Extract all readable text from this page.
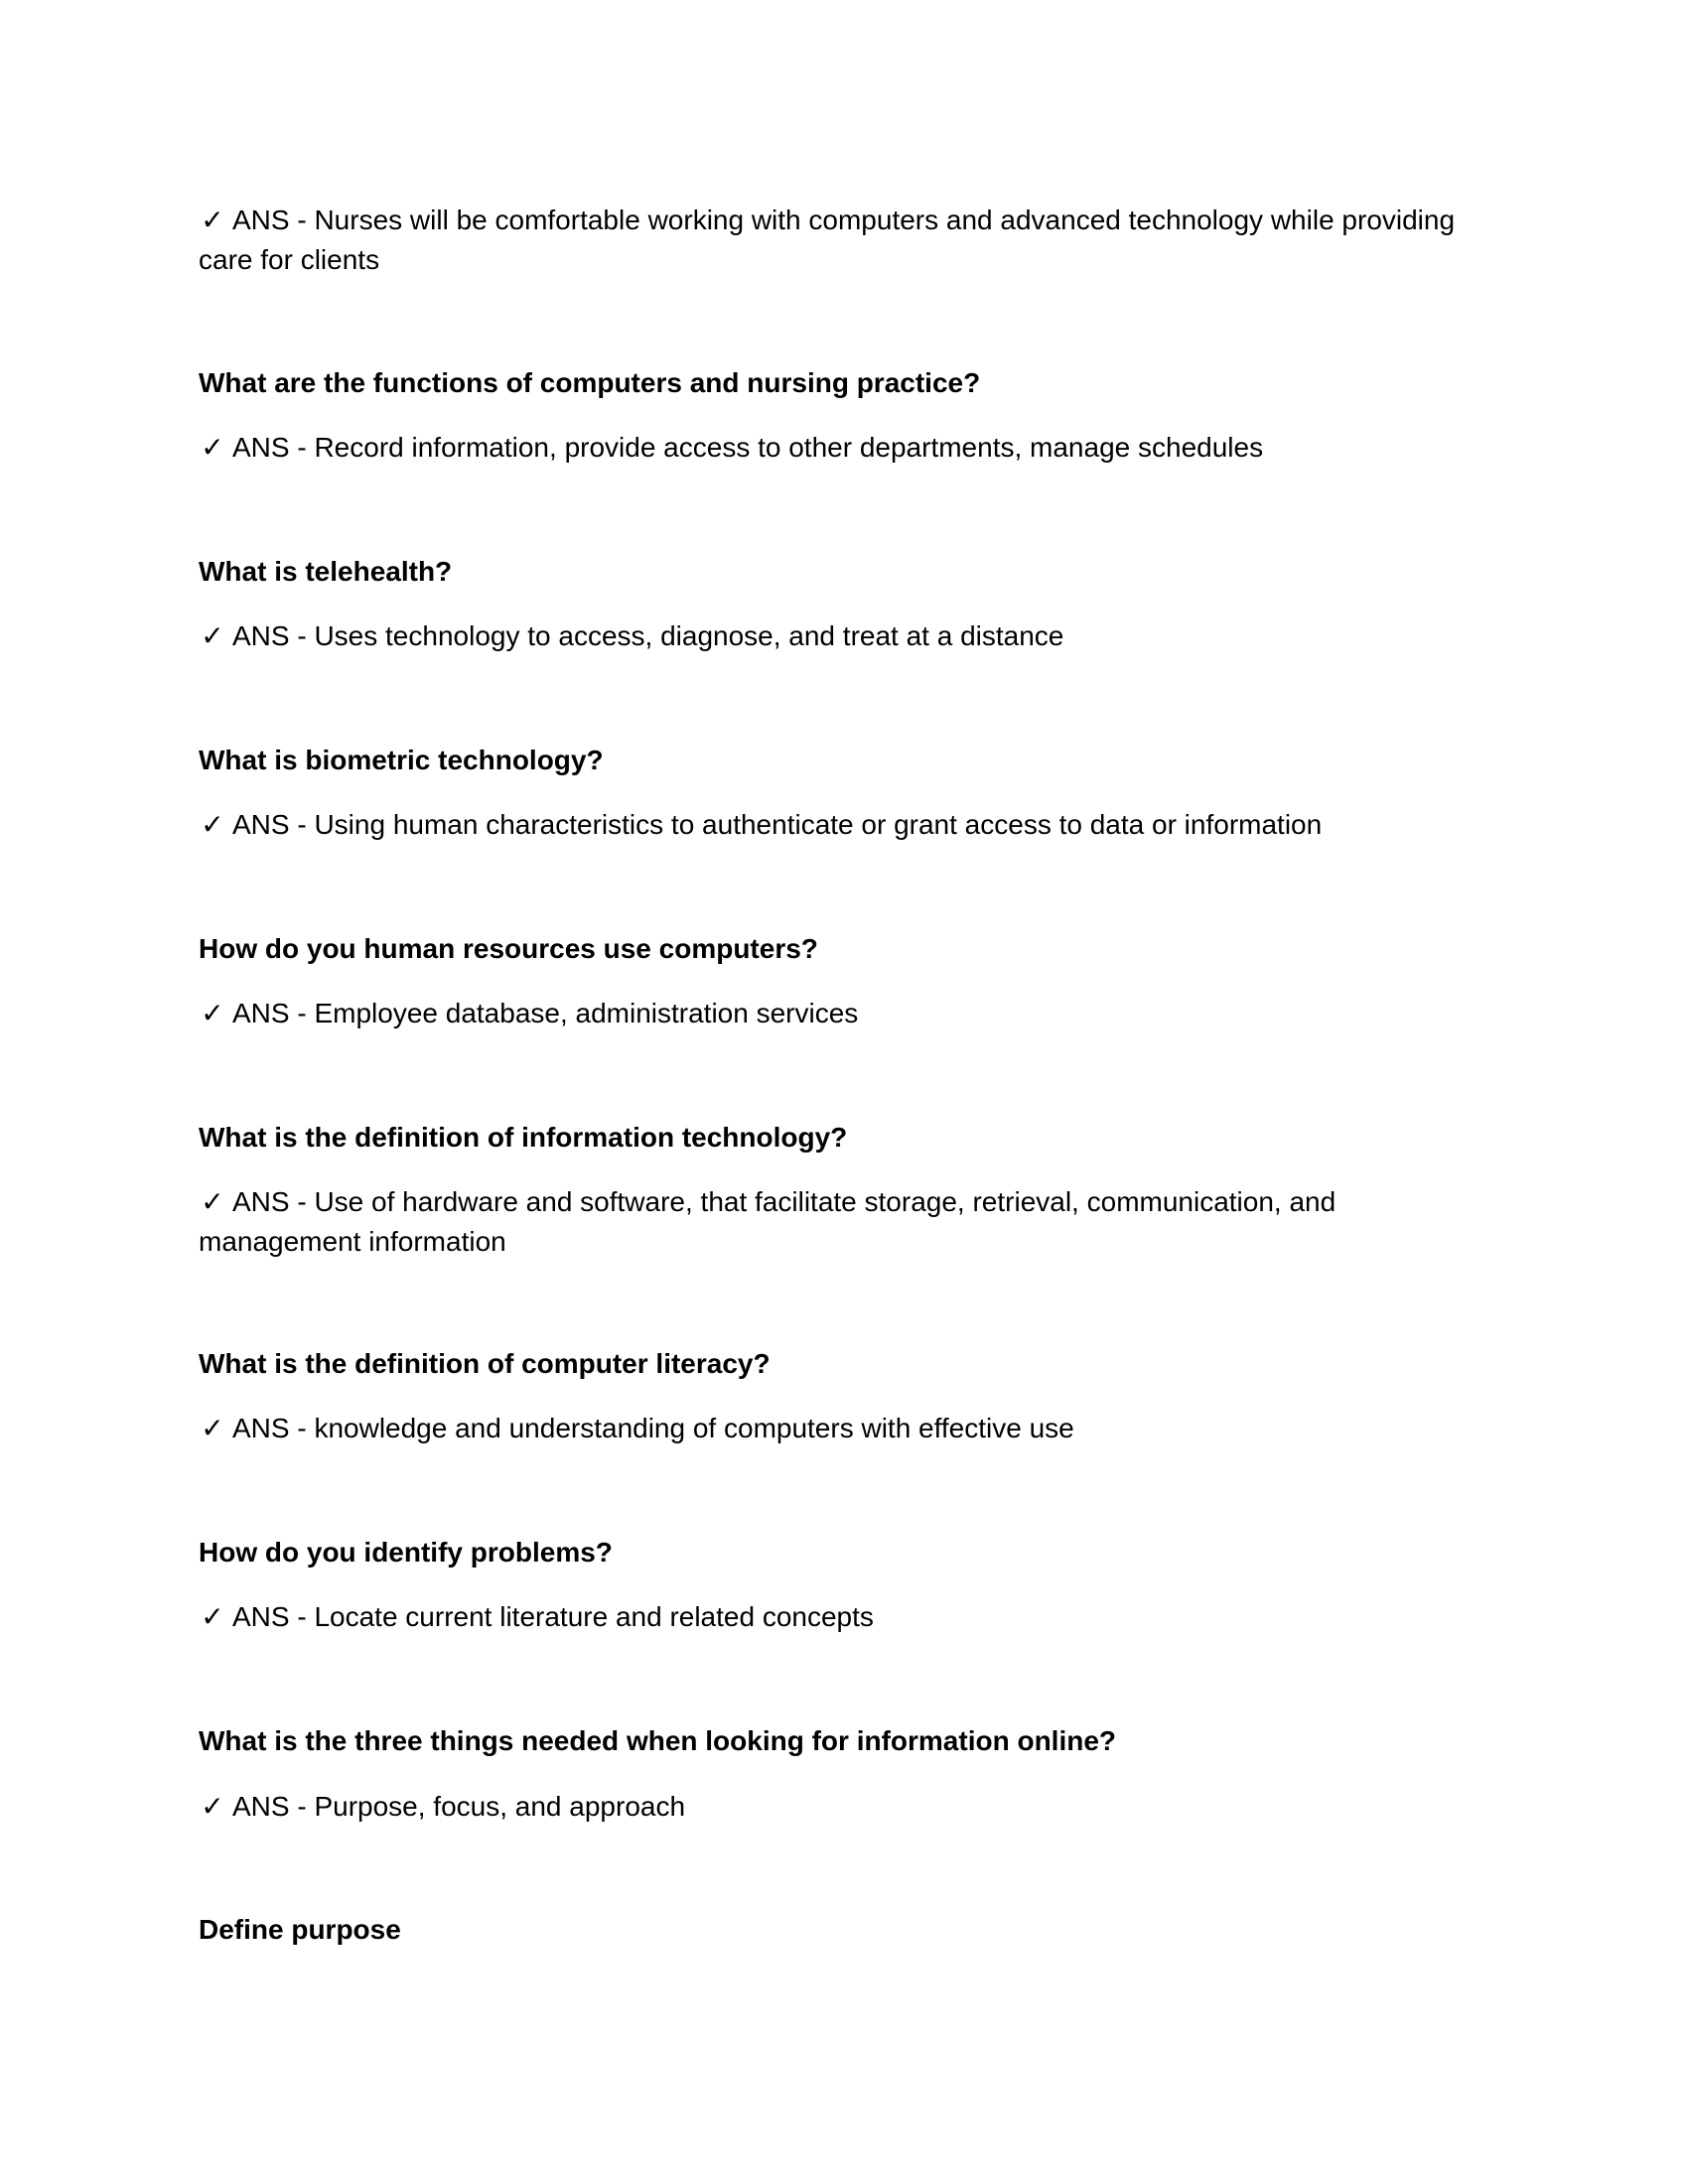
✓ ANS - Nurses will be comfortable working with computers and advanced technology while providing care for clients
What are the functions of computers and nursing practice?
✓ ANS - Record information, provide access to other departments, manage schedules
What is telehealth?
✓ ANS - Uses technology to access, diagnose, and treat at a distance
What is biometric technology?
✓ ANS - Using human characteristics to authenticate or grant access to data or information
How do you human resources use computers?
✓ ANS - Employee database, administration services
What is the definition of information technology?
✓ ANS - Use of hardware and software, that facilitate storage, retrieval, communication, and management information
What is the definition of computer literacy?
✓ ANS - knowledge and understanding of computers with effective use
How do you identify problems?
✓ ANS - Locate current literature and related concepts
What is the three things needed when looking for information online?
✓ ANS - Purpose, focus, and approach
Define purpose
